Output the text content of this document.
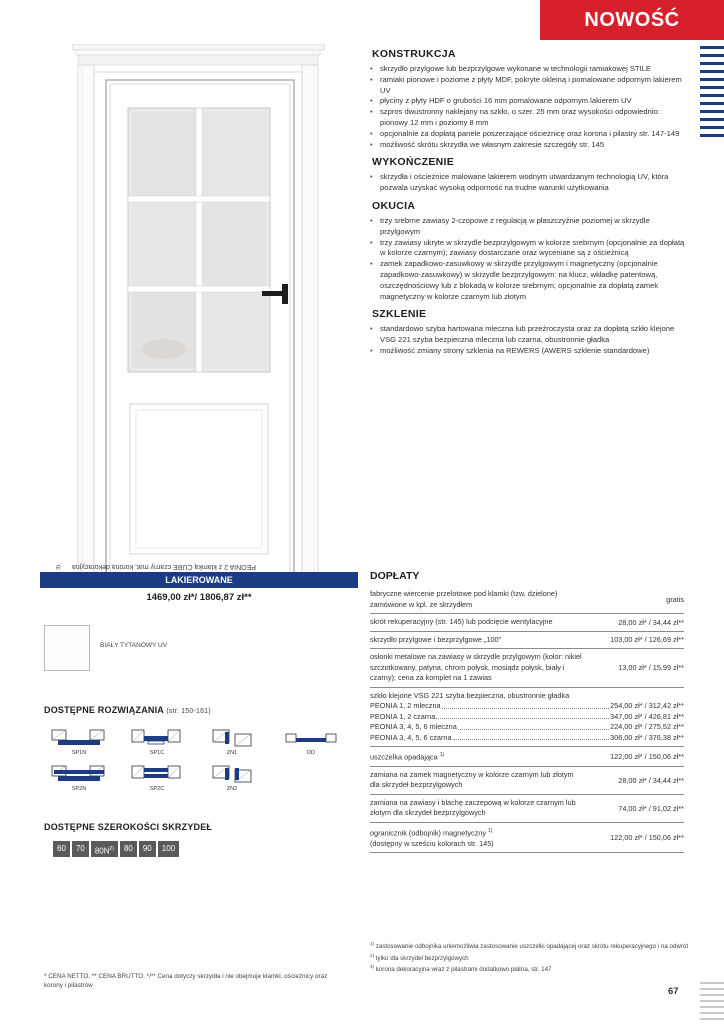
NOWOŚĆ
PEONIA 2 z klamką CUBE czarny mat, korona dekoracyjna
$^{3)}$
KONSTRUKCJA
• skrzydło przylgowe lub bezprzylgowe wykonane w technologii ramiakowej STILE
• ramiaki pionowe i poziome z płyty MDF, pokryte okleiną i pomalowane odpornym lakierem UV
• płyciny z płyty HDF o grubości 16 mm pomalowane odpornym lakierem UV
• szpros dwustronny naklejany na szkło, o szer. 25 mm oraz wysokości odpowiednio: pionowy 12 mm i poziomy 8 mm
• opcjonalnie za dopłatą panele poszerzające ościeżnicę oraz korona i pilastry str. 147-149
• możliwość skrótu skrzydła we własnym zakresie szczegóły str. 145
WYKOŃCZENIE
• skrzydła i ościeżnice malowane lakierem wodnym utwardzanym technologią UV, która pozwala uzyskać wysoką odporność na trudne warunki użytkowania
OKUCIA
• trzy srebrne zawiasy 2-czopowe z regulacją w płaszczyźnie poziomej w skrzydle przylgowym
• trzy zawiasy ukryte w skrzydle bezprzylgowym w kolorze srebrnym (opcjonalnie za dopłatą w kolorze czarnym); zawiasy dostarczane oraz wyceniane są z ościeżnicą
• zamek zapadkowo-zasuwkowy w skrzydle przylgowym i magnetyczny (opcjonalnie zapadkowo-zasuwkowy) w skrzydle bezprzylgowym: na klucz, wkładkę patentową, oszczędnościowy lub z blokadą w kolorze srebrnym; opcjonalnie za dopłatą zamek magnetyczny w kolorze czarnym lub złotym
SZKLENIE
• standardowo szyba hartowana mleczna lub przeźroczysta oraz za dopłatą szkło klejone VSG 221 szyba bezpieczna mleczna lub czarna, obustronnie gładka
• możliwość zmiany strony szklenia na REWERS (AWERS szklenie standardowe)
LAKIEROWANE
1469,00 zł*/ 1806,87 zł**
BIAŁY TYTANOWY UV
DOSTĘPNE ROZWIĄZANIA (str. 150-161)
SP1N	SP1C	ZN1	DD
SP2N	SP2C	ZN2
DOSTĘPNE SZEROKOŚCI SKRZYDEŁ
60	70	$80N^{2)}$	80	90	100
DOPŁATY
fabryczne wiercenie przelotowe pod klamki (tzw. dzielone) zamówione w kpl. ze skrzydłem	gratis
skrót rekuperacyjny (str. 145) lub podcięcie wentylacyjne	28,00 zł* / 34,44 zł**
skrzydło przylgowe i bezprzylgowe „100"	103,00 zł* / 126,69 zł**
osłonki metalowe na zawiasy w skrzydle przylgowym (kolor: nikiel szczotkowany, patyna, chrom połysk, mosiądz połysk, biały i czarny); cena za komplet na 1 zawias
13,00 zł* / 15,99 zł**
szkło klejone VSG 221 szyba bezpieczna, obustronnie gładka
PEONIA 1, 2 mleczna	254,00 zł* / 312,42 zł**
PEONIA 1, 2 czarna	347,00 zł* / 426,81 zł**
PEONIA 3, 4, 5, 6 mleczna	224,00 zł* / 275,52 zł**
PEONIA 3, 4, 5, 6 czarna	306,00 zł* / 376,38 zł**
uszczelka opadająca $^{1)}$	122,00 zł* / 150,06 zł**
zamiana na zamek magnetyczny w kolorze czarnym lub złotym dla skrzydeł bezprzylgowych	28,00 zł* / 34,44 zł**
zamiana na zawiasy i blachę zaczepową w kolorze czarnym lub złotym dla skrzydeł bezprzylgowych	74,00 zł* / 91,02 zł**
ogranicznik (odbojnik) magnetyczny $^{1)}$
(dostępny w sześciu kolorach str. 145)
122,00 zł* / 150,06 zł**

$^{1)}$ zastosowanie odbojnika uniemożliwia zastosowanie uszczelki opadającej oraz skrótu rekuperacyjnego i na odwrót

$^{2)}$ tylko dla skrzydeł bezprzylgowych

$^{3)}$ korona dekoracyjna wraz z pilastrami dodatkowo płatna, str. 147

* CENA NETTO, ** CENA BRUTTO, */** Cena dotyczy skrzydła i nie obejmuje klamki, ościeżnicy oraz korony i pilastrów
67
